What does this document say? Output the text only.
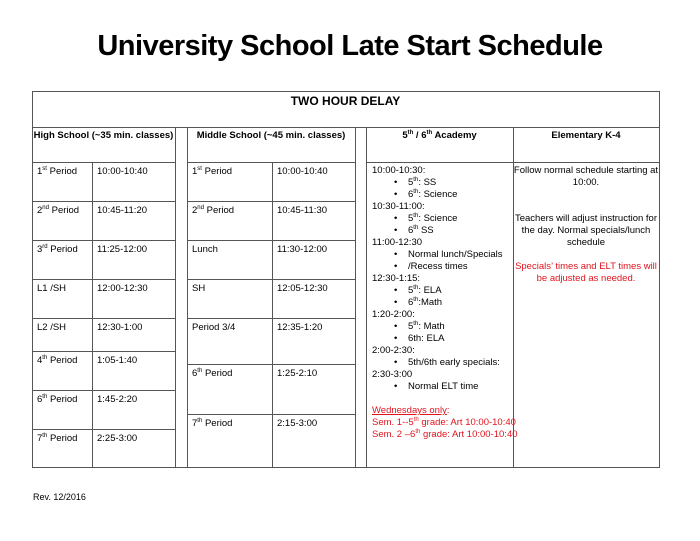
University School Late Start Schedule
TWO HOUR DELAY
High School (~35 min. classes)	Middle School (~45 min. classes)	5th / 6th Academy	Elementary K-4
1st Period 10:00-10:40
2nd Period 10:45-11:20
3rd Period 11:25-12:00
L1 /SH	12:00-12:30
L2 /SH	12:30-1:00
4th Period 1:05-1:40
6th Period 1:45-2:20
7th Period 2:25-3:00
1st Period	10:00-10:40
2nd Period	10:45-11:30
Lunch	11:30-12:00
SH	12:05-12:30
Period 3/4	12:35-1:20
6th Period	1:25-2:10
7th Period	2:15-3:00
10:00-10:30:
• 5th: SS
• 6th: Science
10:30-11:00:
• 5th: Science
• 6th SS
11:00-12:30
• Normal lunch/Specials
• /Recess times
12:30-1:15:
• 5th: ELA
• 6th:Math
1:20-2:00:
• 5th: Math
• 6th: ELA
2:00-2:30:
• 5th/6th early specials:
2:30-3:00
• Normal ELT time
Wednesdays only:
Sem. 1--5th grade: Art 10:00-10:40
Sem. 2 –6th grade: Art 10:00-10:40
Follow normal schedule starting at
10:00.
Teachers will adjust instruction for
the day. Normal specials/lunch
schedule
Specials’ times and ELT times will
be adjusted as needed.
Rev. 12/2016
